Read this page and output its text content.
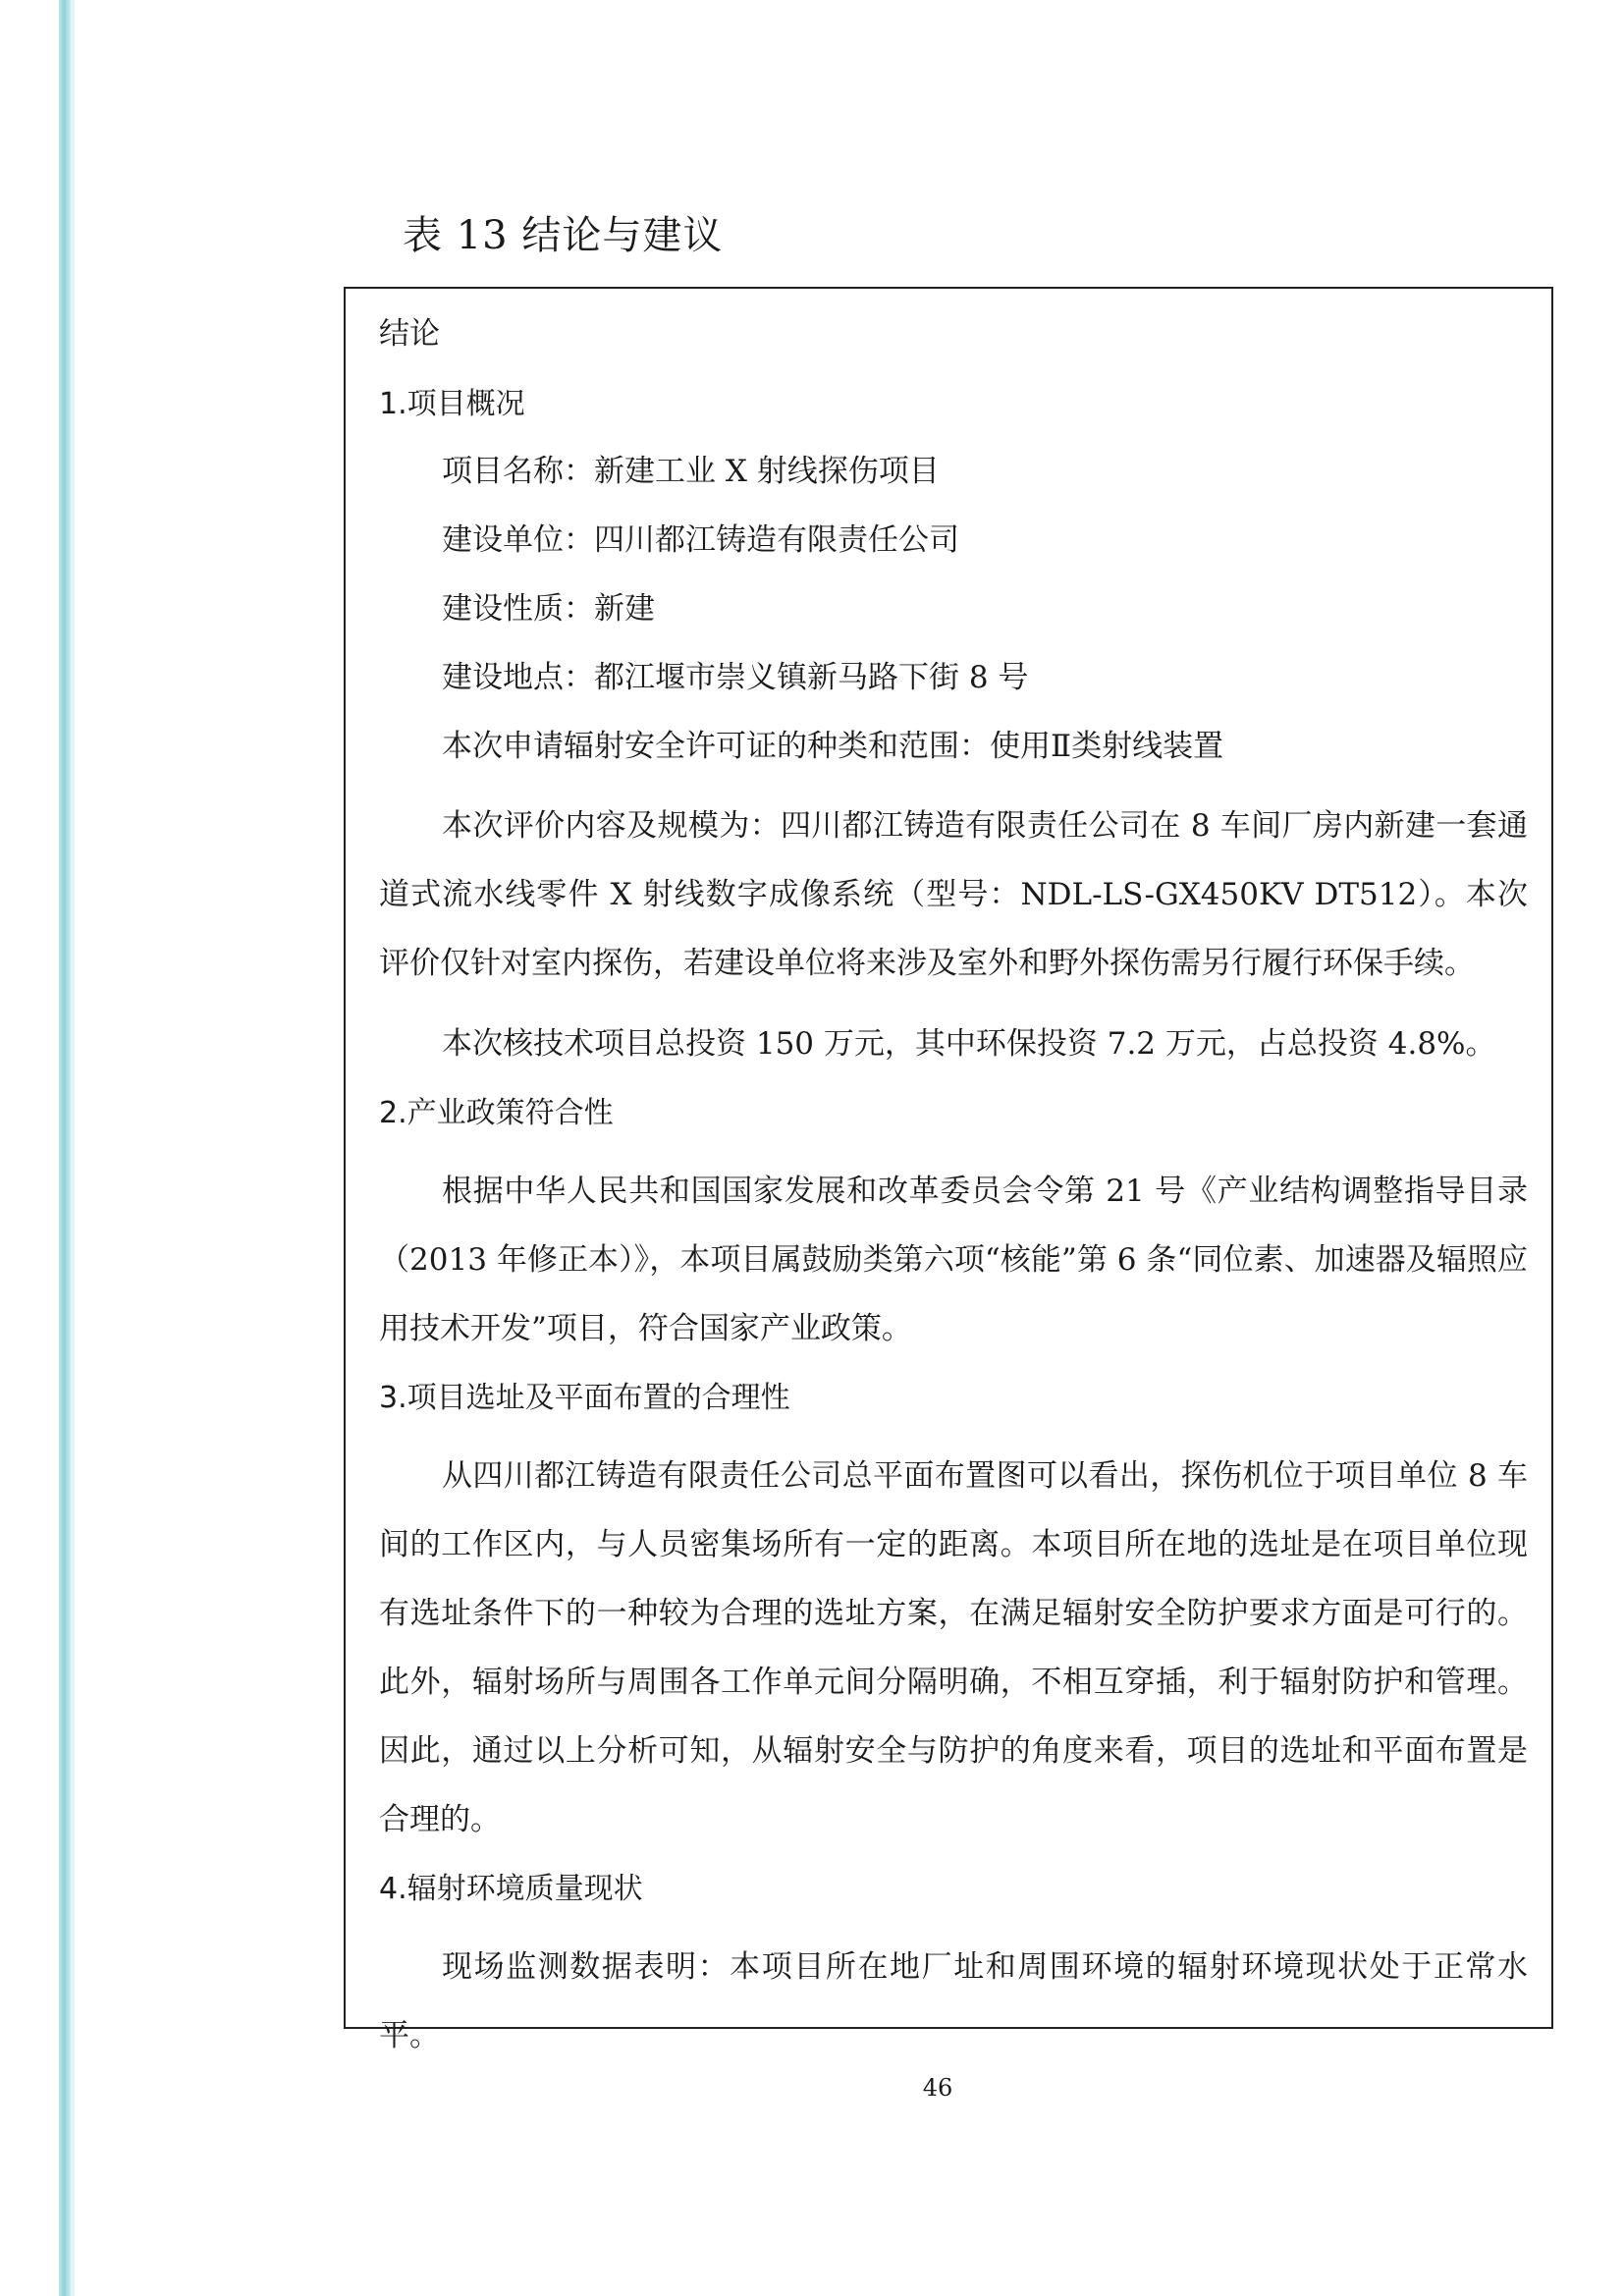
表 13 结论与建议
结论
1.项目概况
项目名称：新建工业 X 射线探伤项目
建设单位：四川都江铸造有限责任公司
建设性质：新建
建设地点：都江堰市崇义镇新马路下街 8 号
本次申请辐射安全许可证的种类和范围：使用Ⅱ类射线装置

本次评价内容及规模为：四川都江铸造有限责任公司在 8 车间厂房内新建一套通道式流水线零件 X 射线数字成像系统（型号：NDL-LS-GX450KV DT512）。本次评价仅针对室内探伤，若建设单位将来涉及室外和野外探伤需另行履行环保手续。

本次核技术项目总投资 150 万元，其中环保投资 7.2 万元，占总投资 4.8%。

2.产业政策符合性

根据中华人民共和国国家发展和改革委员会令第 21 号《产业结构调整指导目录（2013 年修正本）》，本项目属鼓励类第六项“核能”第 6 条“同位素、加速器及辐照应用技术开发”项目，符合国家产业政策。

3.项目选址及平面布置的合理性

从四川都江铸造有限责任公司总平面布置图可以看出，探伤机位于项目单位 8 车间的工作区内，与人员密集场所有一定的距离。本项目所在地的选址是在项目单位现有选址条件下的一种较为合理的选址方案，在满足辐射安全防护要求方面是可行的。此外，辐射场所与周围各工作单元间分隔明确，不相互穿插，利于辐射防护和管理。因此，通过以上分析可知，从辐射安全与防护的角度来看，项目的选址和平面布置是合理的。

4.辐射环境质量现状

现场监测数据表明：本项目所在地厂址和周围环境的辐射环境现状处于正常水平。

46
